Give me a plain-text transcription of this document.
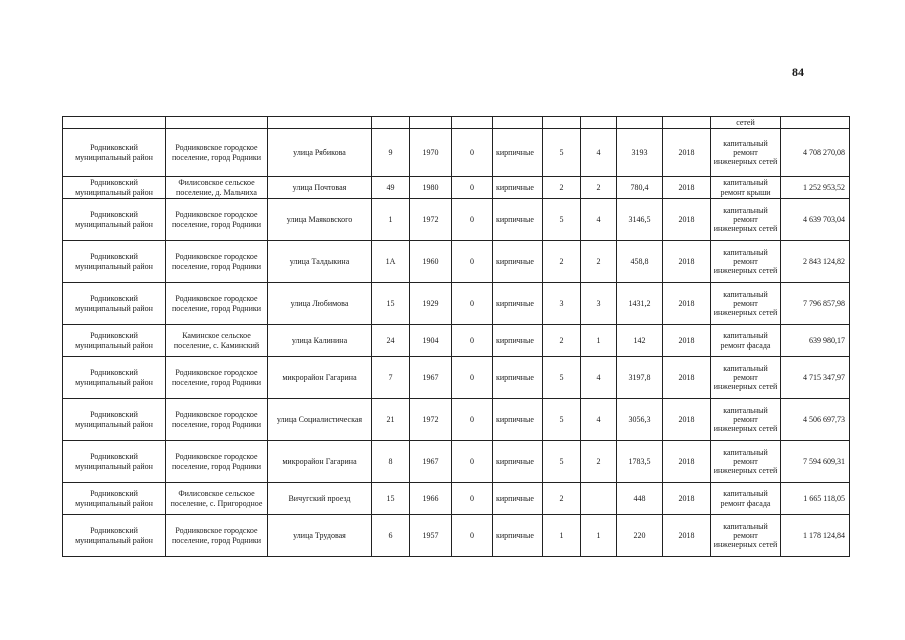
84
											сетей	
Родниковский муниципальный район	Родниковское городское поселение, город Родники	улица Рябикова	9	1970	0	кирпичные	5	4	3193	2018	капитальный ремонт инженерных сетей	4 708 270,08
Родниковский муниципальный район	Филисовское сельское поселение, д. Мальчиха	улица Почтовая	49	1980	0	кирпичные	2	2	780,4	2018	капитальный ремонт крыши	1 252 953,52
Родниковский муниципальный район	Родниковское городское поселение, город Родники	улица Маяковского	1	1972	0	кирпичные	5	4	3146,5	2018	капитальный ремонт инженерных сетей	4 639 703,04
Родниковский муниципальный район	Родниковское городское поселение, город Родники	улица Талдыкина	1А	1960	0	кирпичные	2	2	458,8	2018	капитальный ремонт инженерных сетей	2 843 124,82
Родниковский муниципальный район	Родниковское городское поселение, город Родники	улица Любимова	15	1929	0	кирпичные	3	3	1431,2	2018	капитальный ремонт инженерных сетей	7 796 857,98
Родниковский муниципальный район	Каминское сельское поселение, с. Каминский	улица Калинина	24	1904	0	кирпичные	2	1	142	2018	капитальный ремонт фасада	639 980,17
Родниковский муниципальный район	Родниковское городское поселение, город Родники	микрорайон Гагарина	7	1967	0	кирпичные	5	4	3197,8	2018	капитальный ремонт инженерных сетей	4 715 347,97
Родниковский муниципальный район	Родниковское городское поселение, город Родники	улица Социалистическая	21	1972	0	кирпичные	5	4	3056,3	2018	капитальный ремонт инженерных сетей	4 506 697,73
Родниковский муниципальный район	Родниковское городское поселение, город Родники	микрорайон Гагарина	8	1967	0	кирпичные	5	2	1783,5	2018	капитальный ремонт инженерных сетей	7 594 609,31
Родниковский муниципальный район	Филисовское сельское поселение, с. Пригородное	Вичугский проезд	15	1966	0	кирпичные	2		448	2018	капитальный ремонт фасада	1 665 118,05
Родниковский муниципальный район	Родниковское городское поселение, город Родники	улица Трудовая	6	1957	0	кирпичные	1	1	220	2018	капитальный ремонт инженерных сетей	1 178 124,84
